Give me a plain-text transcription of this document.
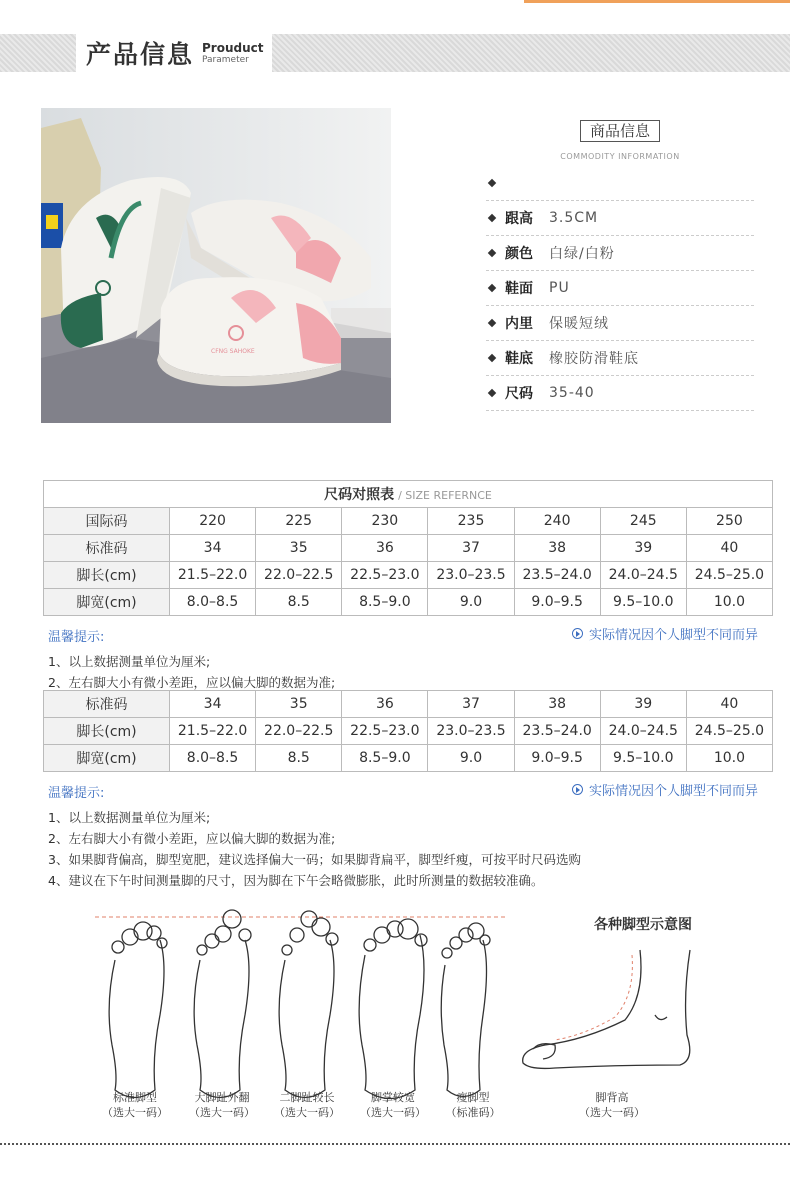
产品信息 Prouduct
Parameter
CFNG SAHOKE
商品信息
COMMODITY INFORMATION
跟高	3.5CM
颜色	白绿/白粉
鞋面	PU
内里	保暖短绒
鞋底	橡胶防滑鞋底
尺码	35-40
尺码对照表 / SIZE REFERNCE							
国际码	220	225	230	235	240	245	250
标准码	34	35	36	37	38	39	40
脚长(cm)	21.5–22.0	22.0–22.5	22.5–23.0	23.0–23.5	23.5–24.0	24.0–24.5	24.5–25.0
脚宽(cm)	8.0–8.5	8.5	8.5–9.0	9.0	9.0–9.5	9.5–10.0	10.0
温馨提示:	实际情况因个人脚型不同而异
1、以上数据测量单位为厘米;
2、左右脚大小有微小差距，应以偏大脚的数据为准;
标准码	34	35	36	37	38	39	40
脚长(cm)	21.5–22.0	22.0–22.5	22.5–23.0	23.0–23.5	23.5–24.0	24.0–24.5	24.5–25.0
脚宽(cm)	8.0–8.5	8.5	8.5–9.0	9.0	9.0–9.5	9.5–10.0	10.0
温馨提示:	实际情况因个人脚型不同而异
1、以上数据测量单位为厘米;
2、左右脚大小有微小差距，应以偏大脚的数据为准;
3、如果脚背偏高，脚型宽肥，建议选择偏大一码；如果脚背扁平，脚型纤瘦，可按平时尺码选购
4、建议在下午时间测量脚的尺寸，因为脚在下午会略微膨胀，此时所测量的数据较准确。
标准脚型
（选大一码）
大脚趾外翻
（选大一码）
二脚趾较长
（选大一码）
脚掌较宽
（选大一码）
瘦脚型
（标准码）
各种脚型示意图
脚背高
（选大一码）
